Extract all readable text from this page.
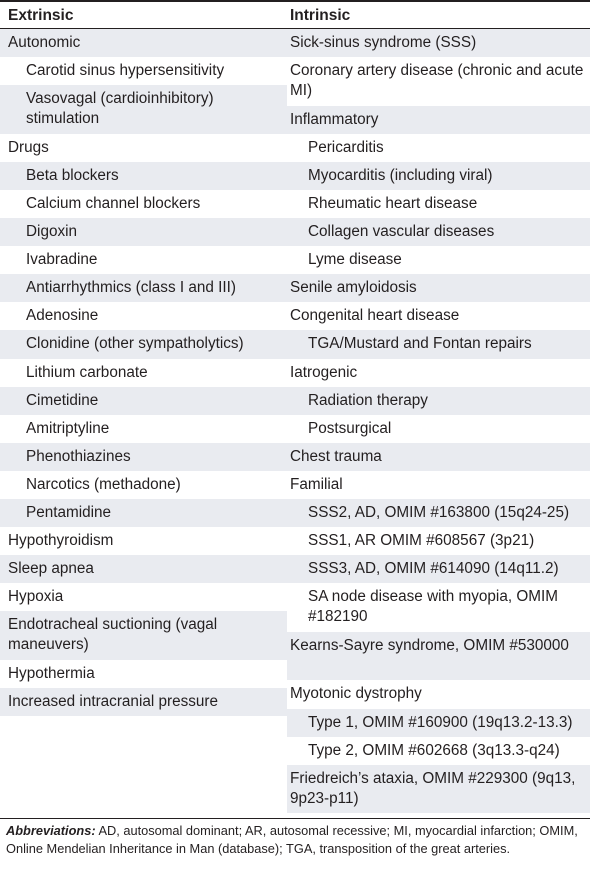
Extrinsic	Intrinsic
Autonomic
Carotid sinus hypersensitivity
Vasovagal (cardioinhibitory) stimulation
Drugs
Beta blockers
Calcium channel blockers
Digoxin
Ivabradine
Antiarrhythmics (class I and III)
Adenosine
Clonidine (other sympatholytics)
Lithium carbonate
Cimetidine
Amitriptyline
Phenothiazines
Narcotics (methadone)
Pentamidine
Hypothyroidism
Sleep apnea
Hypoxia
Endotracheal suctioning (vagal maneuvers)
Hypothermia
Increased intracranial pressure
Sick-sinus syndrome (SSS)
Coronary artery disease (chronic and acute MI)
Inflammatory
Pericarditis
Myocarditis (including viral)
Rheumatic heart disease
Collagen vascular diseases
Lyme disease
Senile amyloidosis
Congenital heart disease
TGA/Mustard and Fontan repairs
Iatrogenic
Radiation therapy
Postsurgical
Chest trauma
Familial
SSS2, AD, OMIM #163800 (15q24-25)
SSS1, AR OMIM #608567 (3p21)
SSS3, AD, OMIM #614090 (14q11.2)
SA node disease with myopia, OMIM #182190
Kearns-Sayre syndrome, OMIM #530000
Myotonic dystrophy
Type 1, OMIM #160900 (19q13.2-13.3)
Type 2, OMIM #602668 (3q13.3-q24)
Friedreich’s ataxia, OMIM #229300 (9q13, 9p23-p11)
Abbreviations: AD, autosomal dominant; AR, autosomal recessive; MI, myocardial infarction; OMIM, Online Mendelian Inheritance in Man (database); TGA, transposition of the great arteries.
